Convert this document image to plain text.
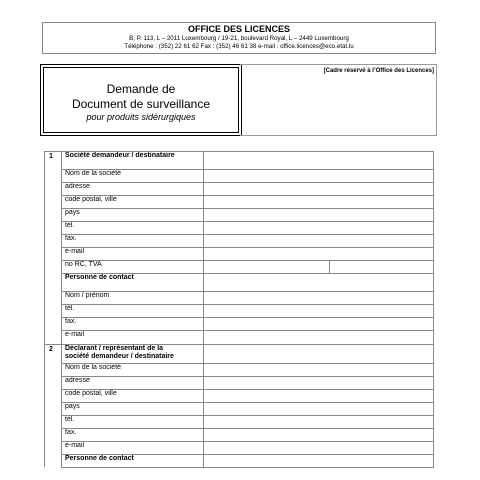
OFFICE DES LICENCES
B. P. 113, L – 2011 Luxembourg / 19-21, boulevard Royal, L – 2449 Luxembourg
Téléphone : (352) 22 61 62 Fax : (352) 46 61 38 e-mail : office.licences@eco.etat.lu
Demande de
Document de surveillance
pour produits sidérurgiques
[Cadre réservé à l’Office des Licences]
1	Société demandeur / destinataire	
	Nom de la société	
	adresse	
	code postal, ville	
	pays	
	tél.	
	fax.	
	e-mail	
	no RC, TVA	

	Personne de contact	
	Nom / prénom	
	tél.	
	fax.	
	e-mail	
2	Déclarant / représentant de la
société demandeur / destinataire	

	Nom de la société	
	adresse	
	code postal, ville	
	pays	
	tél.	
	fax.	
	e-mail	
	Personne de contact	
